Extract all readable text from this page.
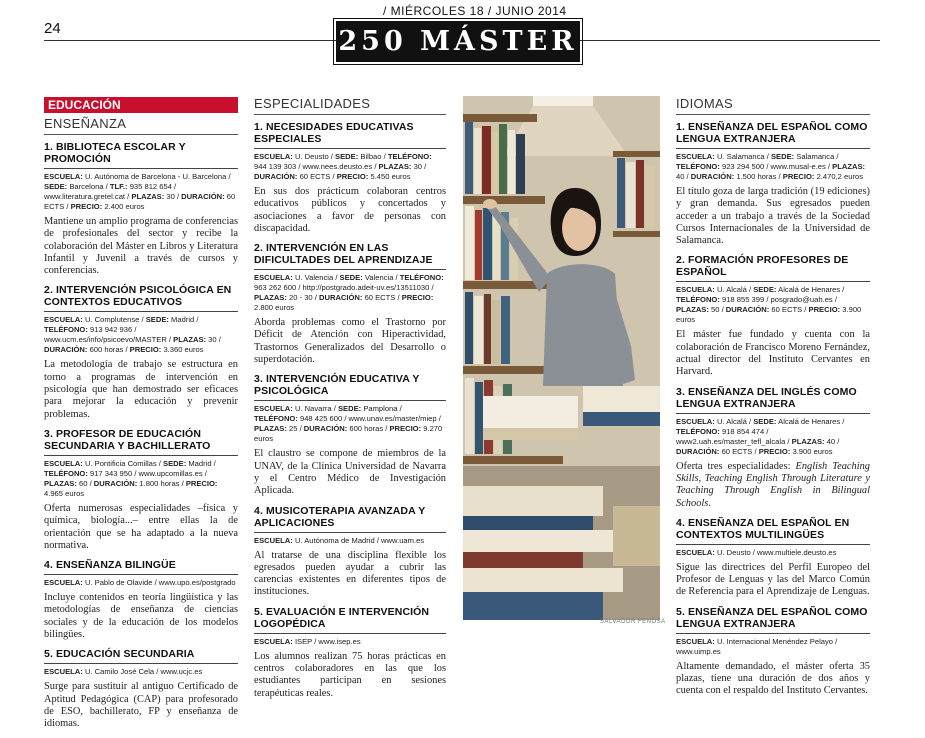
/ MIÉRCOLES 18 / JUNIO 2014
24	250 MÁSTER
EDUCACIÓN
ENSEÑANZA
1. BIBLIOTECA ESCOLAR Y PROMOCIÓN
ESCUELA: U. Autónoma de Barcelona - U. Barcelona / SEDE: Barcelona / TLF.: 935 812 654 / www.literatura.gretel.cat / PLAZAS: 30 / DURACIÓN: 60 ECTS / PRECIO: 2.400 euros
Mantiene un amplio programa de conferencias de profesionales del sector y recibe la colaboración del Máster en Libros y Literatura Infantil y Juvenil a través de cursos y conferencias.
2. INTERVENCIÓN PSICOLÓGICA EN CONTEXTOS EDUCATIVOS
ESCUELA: U. Complutense / SEDE: Madrid / TELÉFONO: 913 942 936 / www.ucm.es/info/psicoevo/MASTER / PLAZAS: 30 / DURACIÓN: 600 horas / PRECIO: 3.360 euros
La metodología de trabajo se estructura en torno a programas de intervención en psicología que han demostrado ser eficaces para mejorar la educación y prevenir problemas.
3. PROFESOR DE EDUCACIÓN SECUNDARIA Y BACHILLERATO
ESCUELA: U. Pontificia Comillas / SEDE: Madrid / TELÉFONO: 917 343 950 / www.upcomillas.es / PLAZAS: 60 / DURACIÓN: 1.800 horas / PRECIO: 4.965 euros
Oferta numerosas especialidades –física y química, biología...– entre ellas la de orientación que se ha adaptado a la nueva normativa.
4. ENSEÑANZA BILINGÜE
ESCUELA: U. Pablo de Olavide / www.upo.es/postgrado
Incluye contenidos en teoría lingüística y las metodologías de enseñanza de ciencias sociales y de la educación de los modelos bilingües.
5. EDUCACIÓN SECUNDARIA
ESCUELA: U. Camilo José Cela / www.ucjc.es
Surge para sustituir al antiguo Certificado de Aptitud Pedagógica (CAP) para profesorado de ESO, bachillerato, FP y enseñanza de idiomas.
ESPECIALIDADES
1. NECESIDADES EDUCATIVAS ESPECIALES
ESCUELA: U. Deusto / SEDE: Bilbao / TELÉFONO: 944 139 303 / www.nees.deusto.es / PLAZAS: 30 / DURACIÓN: 60 ECTS / PRECIO: 5.450 euros
En sus dos prácticum colaboran centros educativos públicos y concertados y asociaciones a favor de personas con discapacidad.
2. INTERVENCIÓN EN LAS DIFICULTADES DEL APRENDIZAJE
ESCUELA: U. Valencia / SEDE: Valencia / TELÉFONO: 963 262 600 / http://postgrado.adeit-uv.es/13511030 / PLAZAS: 20 - 30 / DURACIÓN: 60 ECTS / PRECIO: 2.800 euros
Aborda problemas como el Trastorno por Déficit de Atención con Hiperactividad, Trastornos Generalizados del Desarrollo o superdotación.
3. INTERVENCIÓN EDUCATIVA Y PSICOLÓGICA
ESCUELA: U. Navarra / SEDE: Pamplona / TELÉFONO: 948 425 600 / www.unav.es/master/miep / PLAZAS: 25 / DURACIÓN: 600 horas / PRECIO: 9.270 euros
El claustro se compone de miembros de la UNAV, de la Clínica Universidad de Navarra y el Centro Médico de Investigación Aplicada.
4. MUSICOTERAPIA AVANZADA Y APLICACIONES
ESCUELA: U. Autónoma de Madrid / www.uam.es
Al tratarse de una disciplina flexible los egresados pueden ayudar a cubrir las carencias existentes en diferentes tipos de instituciones.
5. EVALUACIÓN E INTERVENCIÓN LOGOPÉDICA
ESCUELA: ISEP / www.isep.es
Los alumnos realizan 75 horas prácticas en centros colaboradores en las que los estudiantes participan en sesiones terapéuticas reales.
SALVADOR FENOSA
IDIOMAS
1. ENSEÑANZA DEL ESPAÑOL COMO LENGUA EXTRANJERA
ESCUELA: U. Salamanca / SEDE: Salamanca / TELÉFONO: 923 294 500 / www.musal-e.es / PLAZAS: 40 / DURACIÓN: 1.500 horas / PRECIO: 2.470,2 euros
El título goza de larga tradición (19 ediciones) y gran demanda. Sus egresados pueden acceder a un trabajo a través de la Sociedad Cursos Internacionales de la Universidad de Salamanca.
2. FORMACIÓN PROFESORES DE ESPAÑOL
ESCUELA: U. Alcalá / SEDE: Alcalá de Henares / TELÉFONO: 918 855 399 / posgrado@uah.es / PLAZAS: 50 / DURACIÓN: 60 ECTS / PRECIO: 3.900 euros
El máster fue fundado y cuenta con la colaboración de Francisco Moreno Fernández, actual director del Instituto Cervantes en Harvard.
3. ENSEÑANZA DEL INGLÉS COMO LENGUA EXTRANJERA
ESCUELA: U. Alcalá / SEDE: Alcalá de Henares / TELÉFONO: 918 854 474 / www2.uah.es/master_tefl_alcala / PLAZAS: 40 / DURACIÓN: 60 ECTS / PRECIO: 3.900 euros
Oferta tres especialidades: English Teaching Skills, Teaching English Through Literature y Teaching Through English in Bilingual Schools.
4. ENSEÑANZA DEL ESPAÑOL EN CONTEXTOS MULTILINGÜES
ESCUELA: U. Deusto / www.multiele.deusto.es
Sigue las directrices del Perfil Europeo del Profesor de Lenguas y las del Marco Común de Referencia para el Aprendizaje de Lenguas.
5. ENSEÑANZA DEL ESPAÑOL COMO LENGUA EXTRANJERA
ESCUELA: U. Internacional Menéndez Pelayo / www.uimp.es
Altamente demandado, el máster oferta 35 plazas, tiene una duración de dos años y cuenta con el respaldo del Instituto Cervantes.
